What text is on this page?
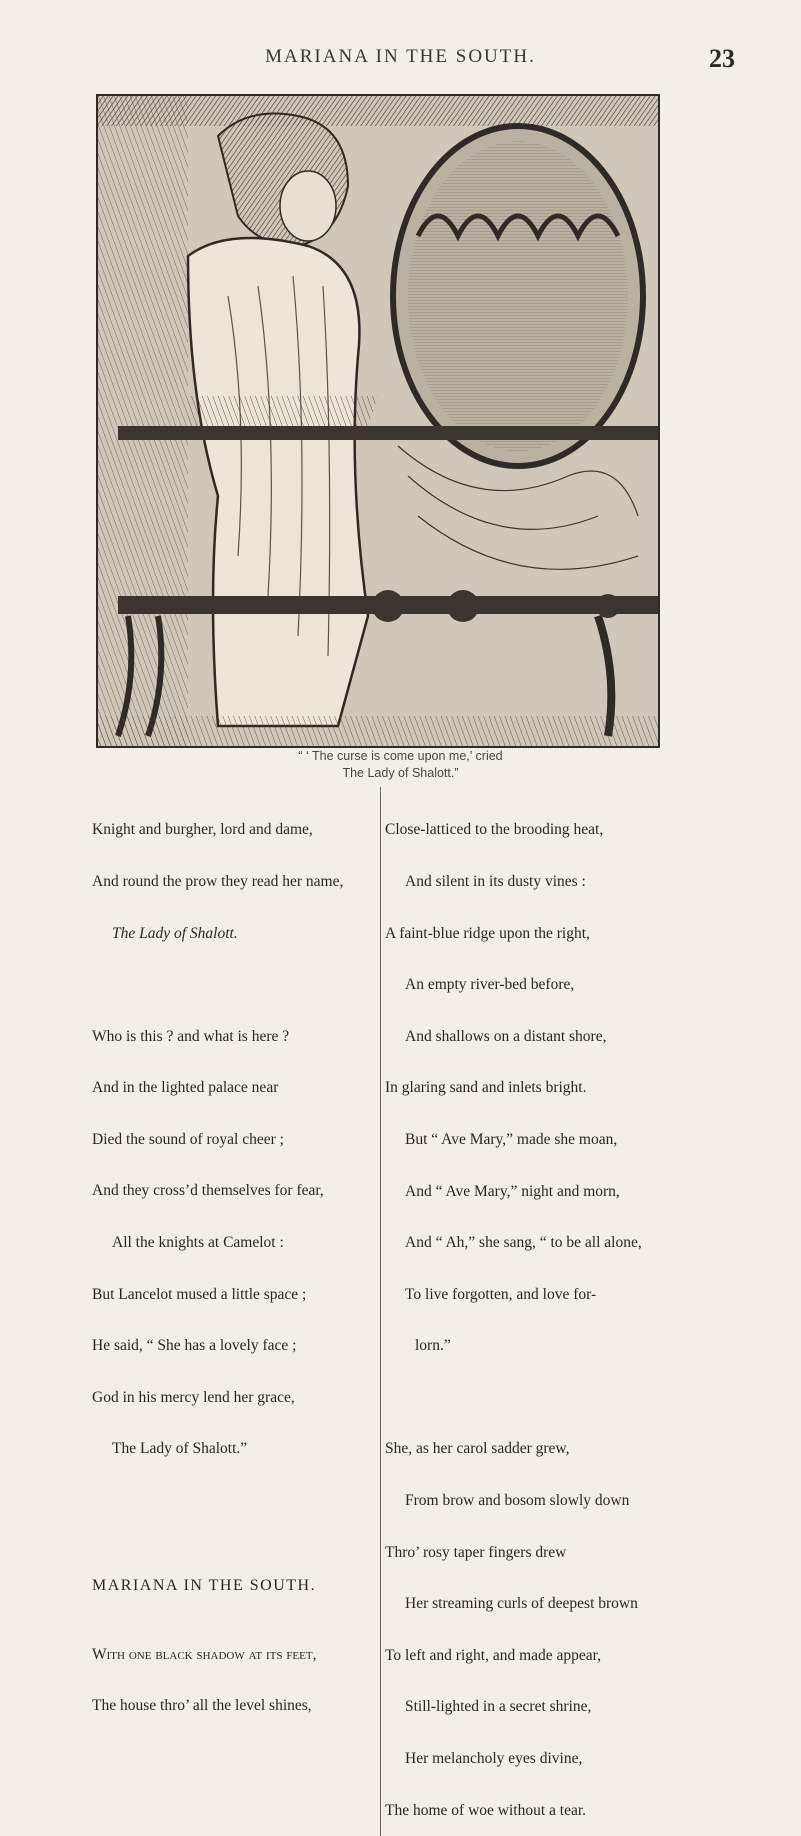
MARIANA IN THE SOUTH.	23
“ ‘ The curse is come upon me,’ cried
The Lady of Shalott.”

Knight and burgher, lord and dame,

And round the prow they read her name,

The Lady of Shalott.

Who is this ? and what is here ?

And in the lighted palace near

Died the sound of royal cheer ;

And they cross’d themselves for fear,

All the knights at Camelot :

But Lancelot mused a little space ;

He said, “ She has a lovely face ;

God in his mercy lend her grace,

The Lady of Shalott.”

MARIANA IN THE SOUTH.

With one black shadow at its feet,

The house thro’ all the level shines,

Close-latticed to the brooding heat,

And silent in its dusty vines :

A faint-blue ridge upon the right,

An empty river-bed before,

And shallows on a distant shore,

In glaring sand and inlets bright.

But “ Ave Mary,” made she moan,

And “ Ave Mary,” night and morn,

And “ Ah,” she sang, “ to be all alone,

To live forgotten, and love for-

lorn.”

She, as her carol sadder grew,

From brow and bosom slowly down

Thro’ rosy taper fingers drew

Her streaming curls of deepest brown

To left and right, and made appear,

Still-lighted in a secret shrine,

Her melancholy eyes divine,

The home of woe without a tear.
